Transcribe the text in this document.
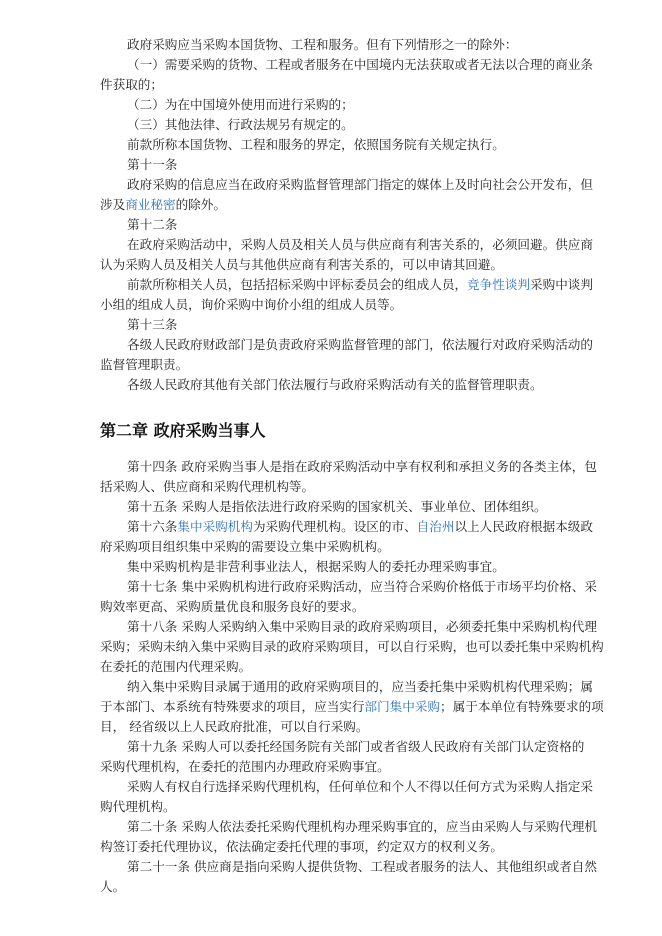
政府采购应当采购本国货物、工程和服务。但有下列情形之一的除外：
（一）需要采购的货物、工程或者服务在中国境内无法获取或者无法以合理的商业条
件获取的；
（二）为在中国境外使用而进行采购的；
（三）其他法律、行政法规另有规定的。
前款所称本国货物、工程和服务的界定，依照国务院有关规定执行。
第十一条
政府采购的信息应当在政府采购监督管理部门指定的媒体上及时向社会公开发布，但
涉及商业秘密的除外。
第十二条
在政府采购活动中，采购人员及相关人员与供应商有利害关系的，必须回避。供应商
认为采购人员及相关人员与其他供应商有利害关系的，可以申请其回避。
前款所称相关人员，包括招标采购中评标委员会的组成人员，竞争性谈判采购中谈判
小组的组成人员，询价采购中询价小组的组成人员等。
第十三条
各级人民政府财政部门是负责政府采购监督管理的部门，依法履行对政府采购活动的
监督管理职责。
各级人民政府其他有关部门依法履行与政府采购活动有关的监督管理职责。
第二章 政府采购当事人
第十四条 政府采购当事人是指在政府采购活动中享有权利和承担义务的各类主体，包
括采购人、供应商和采购代理机构等。
第十五条 采购人是指依法进行政府采购的国家机关、事业单位、团体组织。
第十六条集中采购机构为采购代理机构。设区的市、自治州以上人民政府根据本级政
府采购项目组织集中采购的需要设立集中采购机构。
集中采购机构是非营利事业法人，根据采购人的委托办理采购事宜。
第十七条 集中采购机构进行政府采购活动，应当符合采购价格低于市场平均价格、采
购效率更高、采购质量优良和服务良好的要求。
第十八条 采购人采购纳入集中采购目录的政府采购项目，必须委托集中采购机构代理
采购；采购未纳入集中采购目录的政府采购项目，可以自行采购，也可以委托集中采购机构
在委托的范围内代理采购。
纳入集中采购目录属于通用的政府采购项目的，应当委托集中采购机构代理采购；属
于本部门、本系统有特殊要求的项目，应当实行部门集中采购；属于本单位有特殊要求的项
目， 经省级以上人民政府批准，可以自行采购。
第十九条 采购人可以委托经国务院有关部门或者省级人民政府有关部门认定资格的
采购代理机构，在委托的范围内办理政府采购事宜。
采购人有权自行选择采购代理机构，任何单位和个人不得以任何方式为采购人指定采
购代理机构。
第二十条 采购人依法委托采购代理机构办理采购事宜的，应当由采购人与采购代理机
构签订委托代理协议，依法确定委托代理的事项，约定双方的权利义务。
第二十一条 供应商是指向采购人提供货物、工程或者服务的法人、其他组织或者自然
人。
